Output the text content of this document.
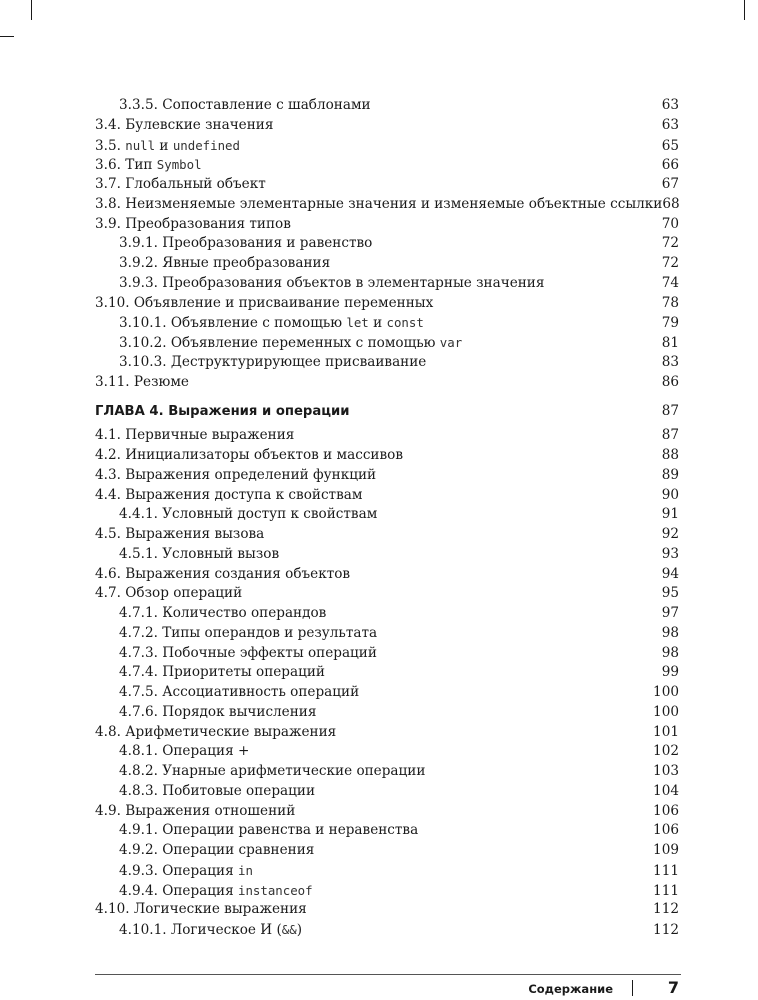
3.3.5. Сопоставление с шаблонами	63
3.4. Булевские значения	63
3.5. null и undefined	65
3.6. Тип Symbol	66
3.7. Глобальный объект	67
3.8. Неизменяемые элементарные значения и изменяемые объектные ссылки 68
3.9. Преобразования типов	70
3.9.1. Преобразования и равенство	72
3.9.2. Явные преобразования	72
3.9.3. Преобразования объектов в элементарные значения	74
3.10. Объявление и присваивание переменных	78
3.10.1. Объявление с помощью let и const	79
3.10.2. Объявление переменных с помощью var	81
3.10.3. Деструктурирующее присваивание	83
3.11. Резюме	86
ГЛАВА 4. Выражения и операции	87
4.1. Первичные выражения	87
4.2. Инициализаторы объектов и массивов	88
4.3. Выражения определений функций	89
4.4. Выражения доступа к свойствам	90
4.4.1. Условный доступ к свойствам	91
4.5. Выражения вызова	92
4.5.1. Условный вызов	93
4.6. Выражения создания объектов	94
4.7. Обзор операций	95
4.7.1. Количество операндов	97
4.7.2. Типы операндов и результата	98
4.7.3. Побочные эффекты операций	98
4.7.4. Приоритеты операций	99
4.7.5. Ассоциативность операций	100
4.7.6. Порядок вычисления	100
4.8. Арифметические выражения	101
4.8.1. Операция +	102
4.8.2. Унарные арифметические операции	103
4.8.3. Побитовые операции	104
4.9. Выражения отношений	106
4.9.1. Операции равенства и неравенства	106
4.9.2. Операции сравнения	109
4.9.3. Операция in	111
4.9.4. Операция instanceof	111
4.10. Логические выражения	112
4.10.1. Логическое И (&&)	112
Содержание	7
